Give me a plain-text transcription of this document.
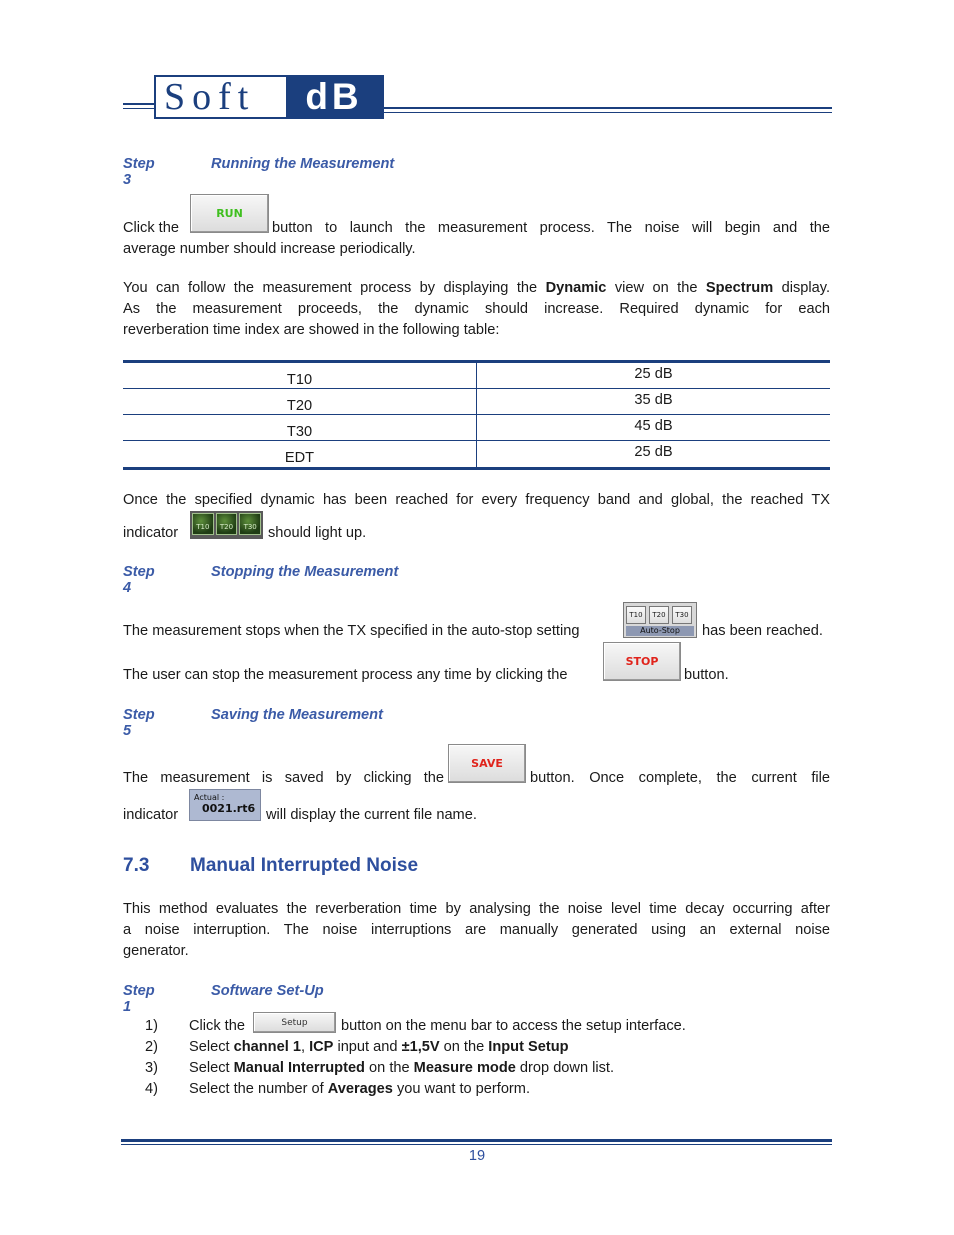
Soft	dB
Step 3
Running the Measurement
Click the
RUN
button to launch the measurement process. The noise will begin and the
average number should increase periodically.
You can follow the measurement process by displaying the Dynamic view on the Spectrum display.
As the measurement proceeds, the dynamic should increase. Required dynamic for each
reverberation time index are showed in the following table:
T10	25 dB
T20	35 dB
T30	45 dB
EDT	25 dB
Once the specified dynamic has been reached for every frequency band and global, the reached TX
indicator	T10	T20	T30 should light up.
Step 4
Stopping the Measurement
The measurement stops when the TX specified in the auto-stop setting
T10	T20	T30
Auto-Stop	has been reached.
The user can stop the measurement process any time by clicking the
STOP
button.
Step 5
Saving the Measurement
The measurement is saved by clicking the
SAVE
button. Once complete, the current file
indicator
Actual :
0021.rt6 will display the current file name.
7.3 Manual Interrupted Noise
This method evaluates the reverberation time by analysing the noise level time decay occurring after
a noise interruption. The noise interruptions are manually generated using an external noise
generator.
Step 1
Software Set-Up
1) Click the	Setup	button on the menu bar to access the setup interface.
2) Select channel 1, ICP input and ±1,5V on the Input Setup
3) Select Manual Interrupted on the Measure mode drop down list.
4) Select the number of Averages you want to perform.
19
